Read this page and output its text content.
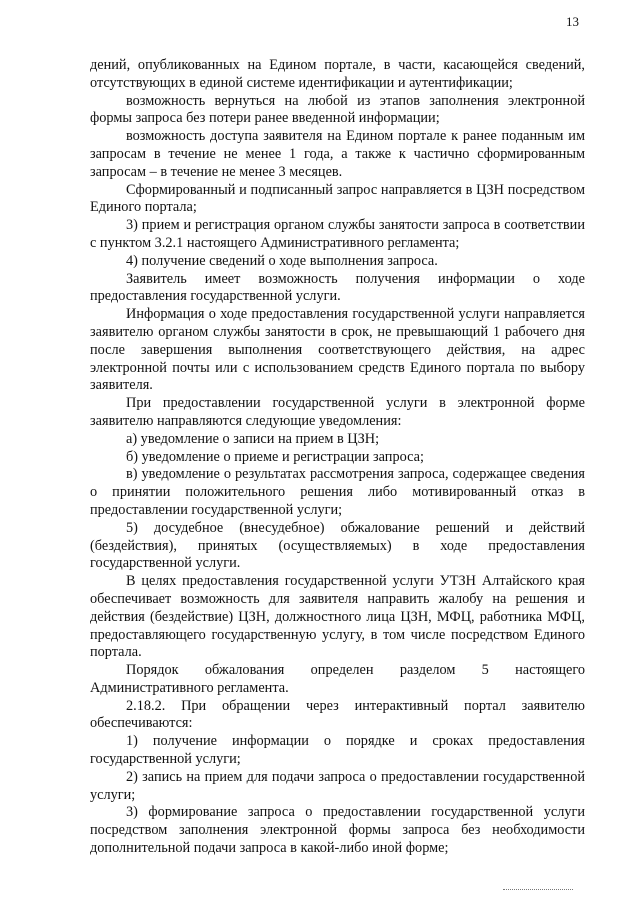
13

дений, опубликованных на Едином портале, в части, касающейся сведений, отсутствующих в единой системе идентификации и аутентификации;

возможность вернуться на любой из этапов заполнения электронной формы запроса без потери ранее введенной информации;

возможность доступа заявителя на Едином портале к ранее поданным им запросам в течение не менее 1 года, а также к частично сформированным запросам – в течение не менее 3 месяцев.

Сформированный и подписанный запрос направляется в ЦЗН посредством Единого портала;

3) прием и регистрация органом службы занятости запроса в соответствии с пунктом 3.2.1 настоящего Административного регламента;

4) получение сведений о ходе выполнения запроса.

Заявитель имеет возможность получения информации о ходе предоставления государственной услуги.

Информация о ходе предоставления государственной услуги направляется заявителю органом службы занятости в срок, не превышающий 1 рабочего дня после завершения выполнения соответствующего действия, на адрес электронной почты или с использованием средств Единого портала по выбору заявителя.

При предоставлении государственной услуги в электронной форме заявителю направляются следующие уведомления:

а) уведомление о записи на прием в ЦЗН;

б) уведомление о приеме и регистрации запроса;

в) уведомление о результатах рассмотрения запроса, содержащее сведения о принятии положительного решения либо мотивированный отказ в предоставлении государственной услуги;

5) досудебное (внесудебное) обжалование решений и действий (бездействия), принятых (осуществляемых) в ходе предоставления государственной услуги.

В целях предоставления государственной услуги УТЗН Алтайского края обеспечивает возможность для заявителя направить жалобу на решения и действия (бездействие) ЦЗН, должностного лица ЦЗН, МФЦ, работника МФЦ, предоставляющего государственную услугу, в том числе посредством Единого портала.

Порядок обжалования определен разделом 5 настоящего Административного регламента.

2.18.2. При обращении через интерактивный портал заявителю обеспечиваются:

1) получение информации о порядке и сроках предоставления государственной услуги;

2) запись на прием для подачи запроса о предоставлении государственной услуги;

3) формирование запроса о предоставлении государственной услуги посредством заполнения электронной формы запроса без необходимости дополнительной подачи запроса в какой-либо иной форме;
